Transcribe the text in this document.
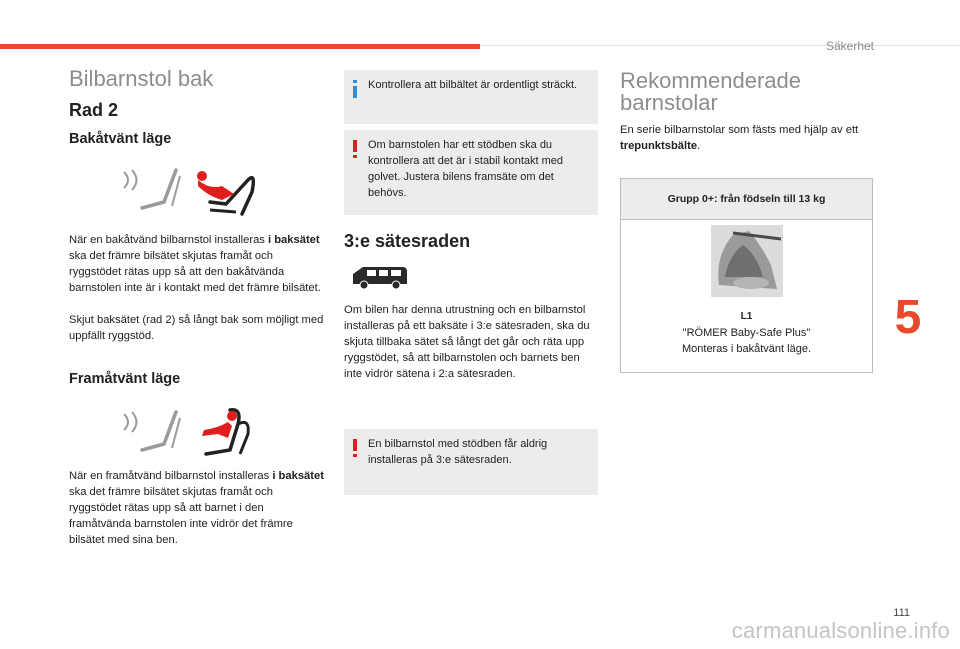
Säkerhet
5
111
carmanualsonline.info
Bilbarnstol bak
Rad 2
Bakåtvänt läge
När en bakåtvänd bilbarnstol installeras i baksätet ska det främre bilsätet skjutas framåt och ryggstödet rätas upp så att den bakåtvända barnstolen inte är i kontakt med det främre bilsätet.
Skjut baksätet (rad 2) så långt bak som möjligt med uppfällt ryggstöd.
Framåtvänt läge
När en framåtvänd bilbarnstol installeras i baksätet ska det främre bilsätet skjutas framåt och ryggstödet rätas upp så att barnet i den framåtvända barnstolen inte vidrör det främre bilsätet med sina ben.
Kontrollera att bilbältet är ordentligt sträckt.
Om barnstolen har ett stödben ska du kontrollera att det är i stabil kontakt med golvet. Justera bilens framsäte om det behövs.
3:e sätesraden
Om bilen har denna utrustning och en bilbarnstol installeras på ett baksäte i 3:e sätesraden, ska du skjuta tillbaka sätet så långt det går och räta upp ryggstödet, så att bilbarnstolen och barnets ben inte vidrör sätena i 2:a sätesraden.
En bilbarnstol med stödben får aldrig installeras på 3:e sätesraden.
Rekommenderade
barnstolar
En serie bilbarnstolar som fästs med hjälp av ett trepunktsbälte.
Grupp 0+: från födseln till 13 kg
L1
"RÖMER Baby-Safe Plus"
Monteras i bakåtvänt läge.
